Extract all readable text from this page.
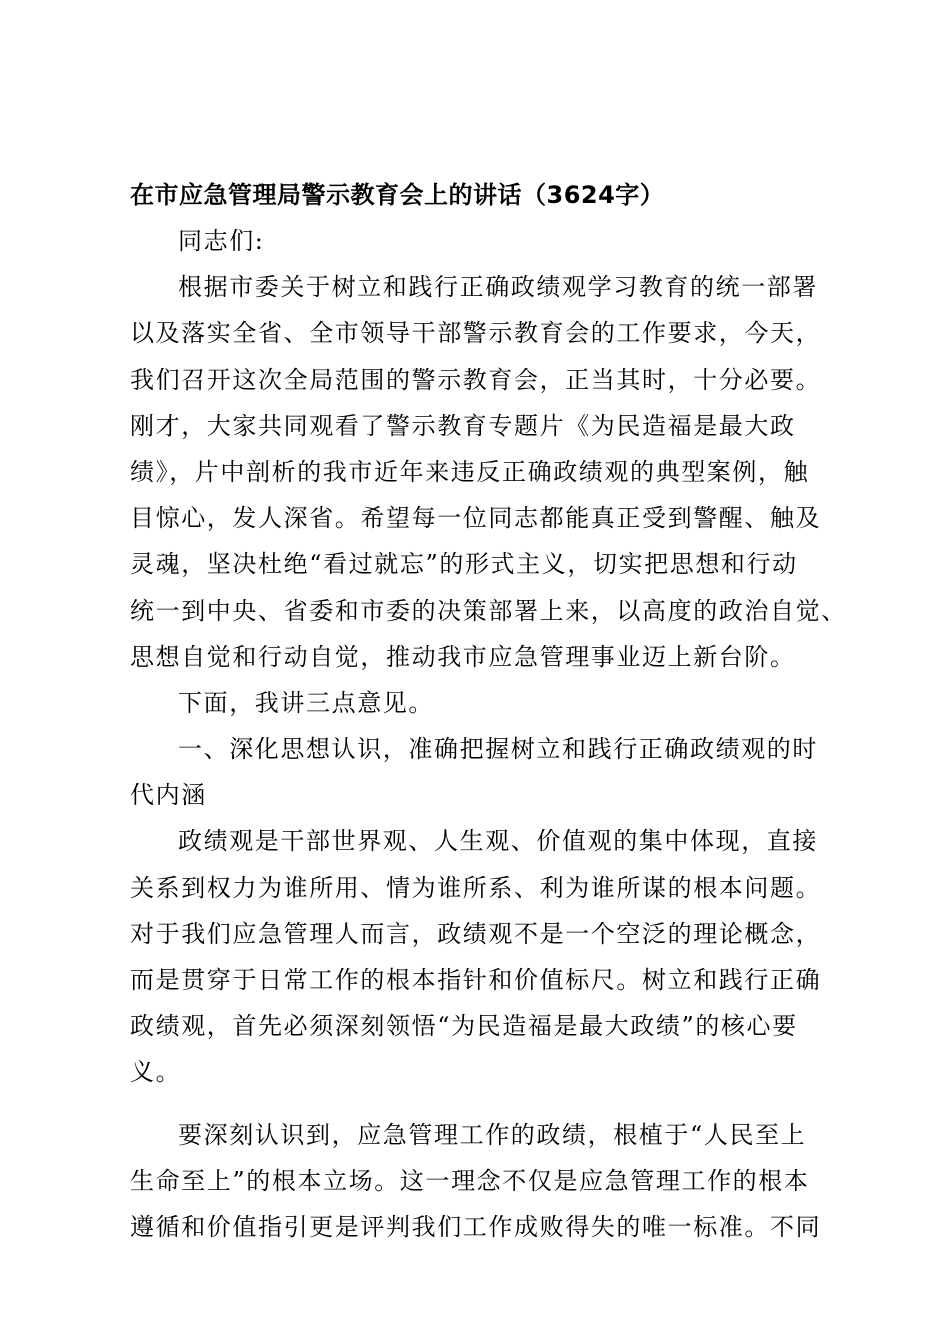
在市应急管理局警示教育会上的讲话（3624字）
同志们:
根据市委关于树立和践行正确政绩观学习教育的统一部署
以及落实全省、全市领导干部警示教育会的工作要求，今天，
我们召开这次全局范围的警示教育会，正当其时，十分必要。
刚才，大家共同观看了警示教育专题片《为民造福是最大政
绩》，片中剖析的我市近年来违反正确政绩观的典型案例，触
目惊心，发人深省。希望每一位同志都能真正受到警醒、触及
灵魂，坚决杜绝“看过就忘”的形式主义，切实把思想和行动
统一到中央、省委和市委的决策部署上来，以高度的政治自觉、
思想自觉和行动自觉，推动我市应急管理事业迈上新台阶。
下面，我讲三点意见。
一、深化思想认识，准确把握树立和践行正确政绩观的时
代内涵
政绩观是干部世界观、人生观、价值观的集中体现，直接
关系到权力为谁所用、情为谁所系、利为谁所谋的根本问题。
对于我们应急管理人而言，政绩观不是一个空泛的理论概念，
而是贯穿于日常工作的根本指针和价值标尺。树立和践行正确
政绩观，首先必须深刻领悟“为民造福是最大政绩”的核心要
义。
要深刻认识到，应急管理工作的政绩，根植于“人民至上
生命至上”的根本立场。这一理念不仅是应急管理工作的根本
遵循和价值指引更是评判我们工作成败得失的唯一标准。不同
